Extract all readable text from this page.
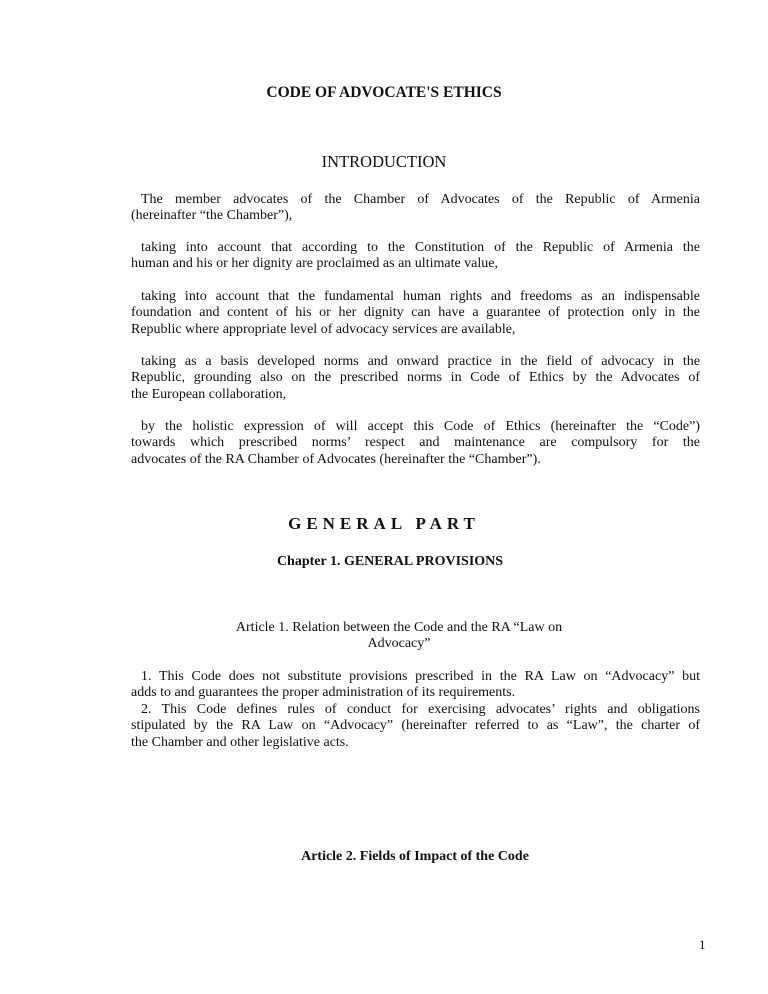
CODE OF ADVOCATE'S ETHICS
INTRODUCTION
The member advocates of the Chamber of Advocates of the Republic of Armenia
(hereinafter “the Chamber”),
taking into account that according to the Constitution of the Republic of Armenia the
human and his or her dignity are proclaimed as an ultimate value,
taking into account that the fundamental human rights and freedoms as an indispensable
foundation and content of his or her dignity can have a guarantee of protection only in the
Republic where appropriate level of advocacy services are available,
taking as a basis developed norms and onward practice in the field of advocacy in the
Republic, grounding also on the prescribed norms in Code of Ethics by the Advocates of
the European collaboration,
by the holistic expression of will accept this Code of Ethics (hereinafter the “Code”)
towards which prescribed norms’ respect and maintenance are compulsory for the
advocates of the RA Chamber of Advocates (hereinafter the “Chamber”).
GENERAL PART
Chapter 1. GENERAL PROVISIONS
Article 1. Relation between the Code and the RA “Law on
Advocacy”
1. This Code does not substitute provisions prescribed in the RA Law on “Advocacy” but
adds to and guarantees the proper administration of its requirements.
2. This Code defines rules of conduct for exercising advocates’ rights and obligations
stipulated by the RA Law on “Advocacy” (hereinafter referred to as “Law”, the charter of
the Chamber and other legislative acts.
Article 2. Fields of Impact of the Code
1
